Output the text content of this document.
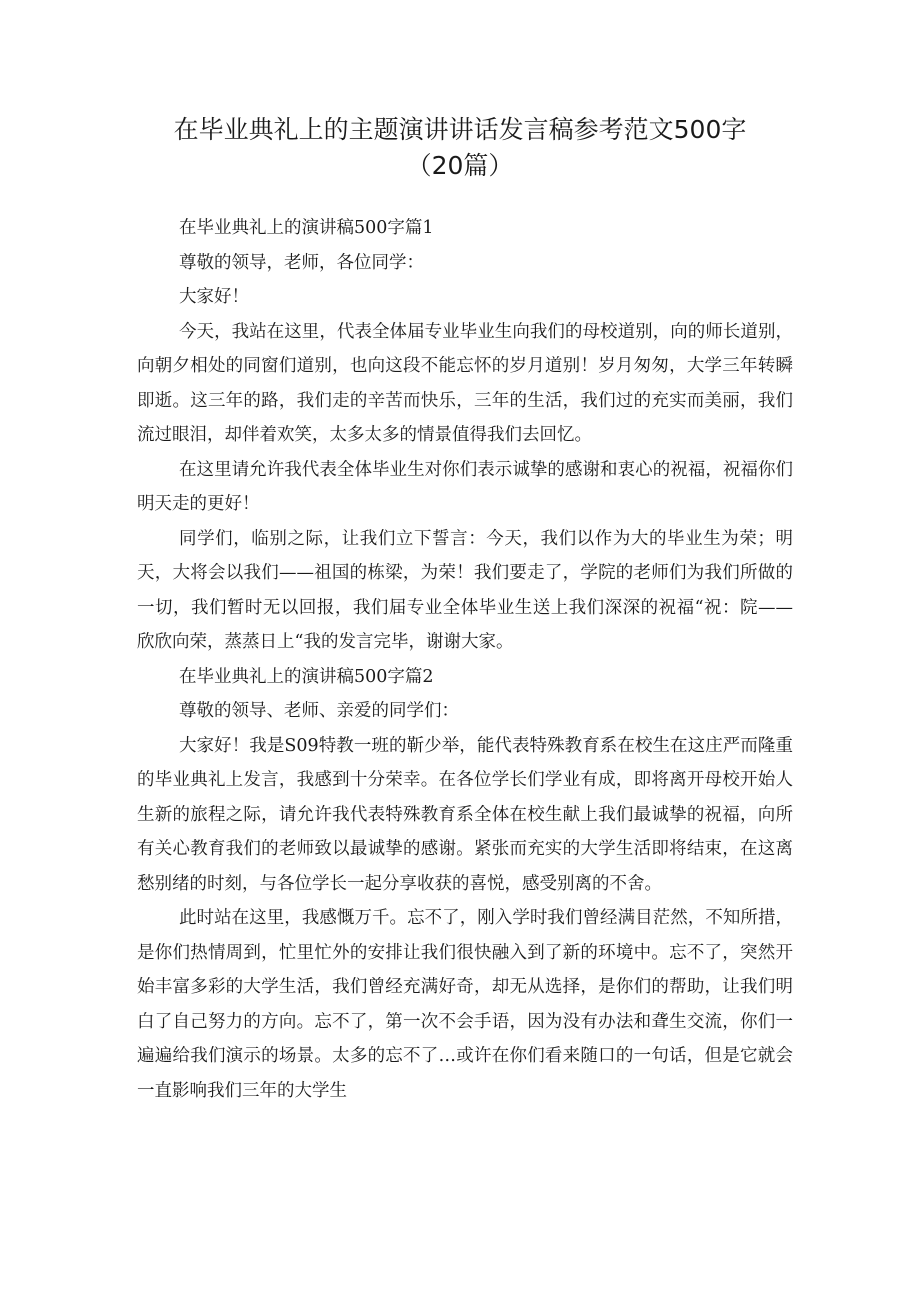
在毕业典礼上的主题演讲讲话发言稿参考范文500字
（20篇）

在毕业典礼上的演讲稿500字篇1

尊敬的领导，老师，各位同学：

大家好！

今天，我站在这里，代表全体届专业毕业生向我们的母校道别，向的师长道别，向朝夕相处的同窗们道别，也向这段不能忘怀的岁月道别！岁月匆匆，大学三年转瞬即逝。这三年的路，我们走的辛苦而快乐，三年的生活，我们过的充实而美丽，我们流过眼泪，却伴着欢笑，太多太多的情景值得我们去回忆。

在这里请允许我代表全体毕业生对你们表示诚挚的感谢和衷心的祝福，祝福你们明天走的更好！

同学们，临别之际，让我们立下誓言：今天，我们以作为大的毕业生为荣；明天，大将会以我们——祖国的栋梁，为荣！我们要走了，学院的老师们为我们所做的一切，我们暂时无以回报，我们届专业全体毕业生送上我们深深的祝福“祝：院——欣欣向荣，蒸蒸日上“我的发言完毕，谢谢大家。

在毕业典礼上的演讲稿500字篇2

尊敬的领导、老师、亲爱的同学们：

大家好！我是S09特教一班的靳少举，能代表特殊教育系在校生在这庄严而隆重的毕业典礼上发言，我感到十分荣幸。在各位学长们学业有成，即将离开母校开始人生新的旅程之际，请允许我代表特殊教育系全体在校生献上我们最诚挚的祝福，向所有关心教育我们的老师致以最诚挚的感谢。紧张而充实的大学生活即将结束，在这离愁别绪的时刻，与各位学长一起分享收获的喜悦，感受别离的不舍。

此时站在这里，我感慨万千。忘不了，刚入学时我们曾经满目茫然，不知所措，是你们热情周到，忙里忙外的安排让我们很快融入到了新的环境中。忘不了，突然开始丰富多彩的大学生活，我们曾经充满好奇，却无从选择，是你们的帮助，让我们明白了自己努力的方向。忘不了，第一次不会手语，因为没有办法和聋生交流，你们一遍遍给我们演示的场景。太多的忘不了…或许在你们看来随口的一句话，但是它就会一直影响我们三年的大学生
